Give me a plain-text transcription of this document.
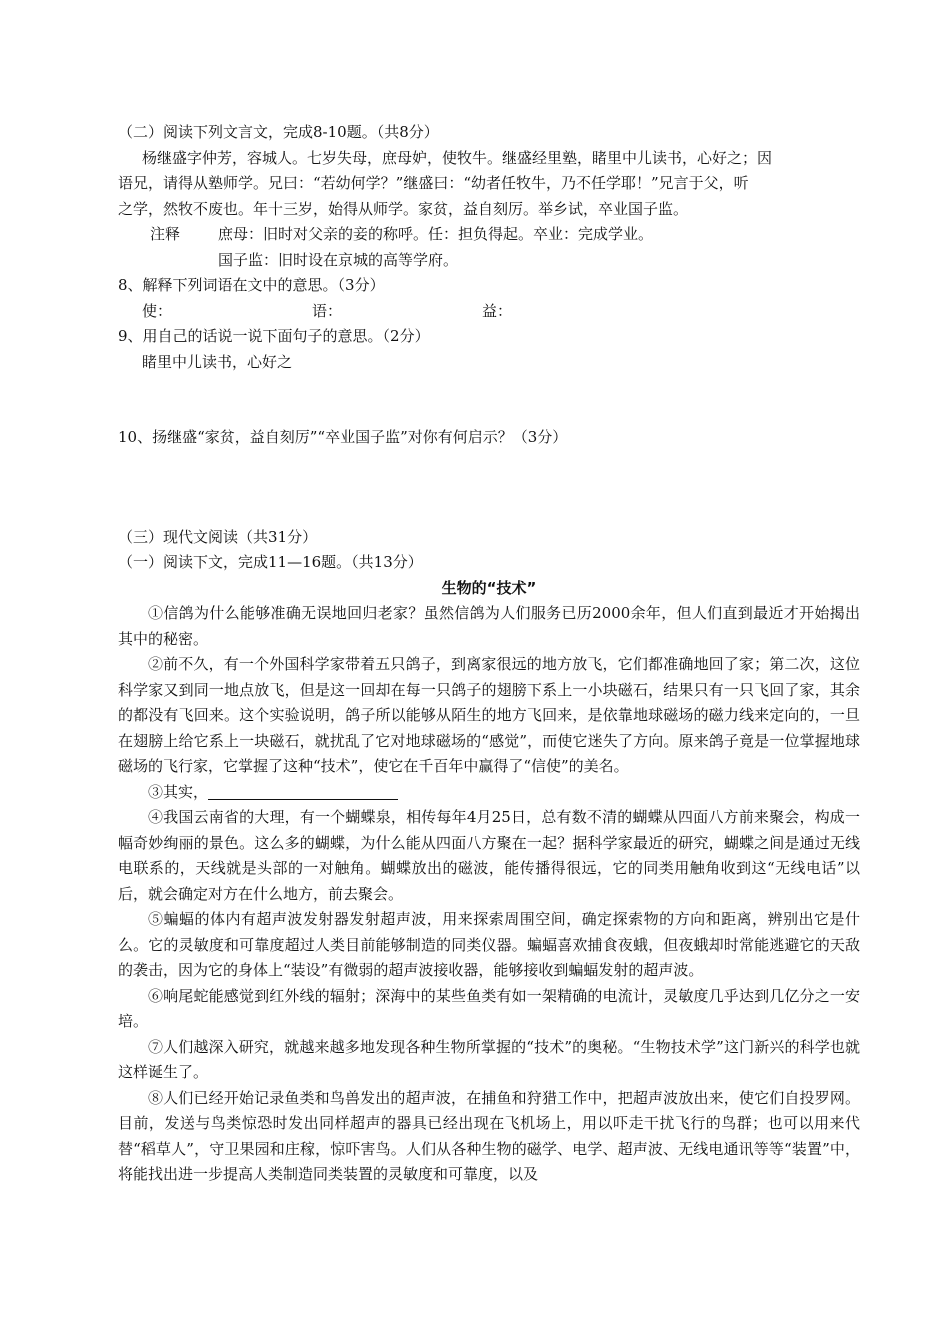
（二）阅读下列文言文，完成8-10题。（共8分）
杨继盛字仲芳，容城人。七岁失母，庶母妒，使牧牛。继盛经里塾，睹里中儿读书，心好之；因
语兄，请得从塾师学。兄曰：“若幼何学？”继盛曰：“幼者任牧牛，乃不任学耶！”兄言于父，听
之学，然牧不废也。年十三岁，始得从师学。家贫，益自刻厉。举乡试，卒业国子监。
注释	庶母：旧时对父亲的妾的称呼。任：担负得起。卒业：完成学业。
国子监：旧时设在京城的高等学府。
8、解释下列词语在文中的意思。（3分）
使：	语：	益：
9、用自己的话说一说下面句子的意思。（2分）
睹里中儿读书，心好之
10、扬继盛“家贫，益自刻厉”“卒业国子监”对你有何启示？（3分）
（三）现代文阅读（共31分）
（一）阅读下文，完成11—16题。（共13分）
生物的“技术”
①信鸽为什么能够准确无误地回归老家？虽然信鸽为人们服务已历2000余年，但人们直到最近才开始揭出其中的秘密。
②前不久，有一个外国科学家带着五只鸽子，到离家很远的地方放飞，它们都准确地回了家；第二次，这位科学家又到同一地点放飞，但是这一回却在每一只鸽子的翅膀下系上一小块磁石，结果只有一只飞回了家，其余的都没有飞回来。这个实验说明，鸽子所以能够从陌生的地方飞回来，是依靠地球磁场的磁力线来定向的，一旦在翅膀上给它系上一块磁石，就扰乱了它对地球磁场的“感觉”，而使它迷失了方向。原来鸽子竟是一位掌握地球磁场的飞行家，它掌握了这种“技术”，使它在千百年中赢得了“信使”的美名。
③其实，
④我国云南省的大理，有一个蝴蝶泉，相传每年4月25日，总有数不清的蝴蝶从四面八方前来聚会，构成一幅奇妙绚丽的景色。这么多的蝴蝶，为什么能从四面八方聚在一起？据科学家最近的研究，蝴蝶之间是通过无线电联系的，天线就是头部的一对触角。蝴蝶放出的磁波，能传播得很远，它的同类用触角收到这“无线电话”以后，就会确定对方在什么地方，前去聚会。
⑤蝙蝠的体内有超声波发射器发射超声波，用来探索周围空间，确定探索物的方向和距离，辨别出它是什么。它的灵敏度和可靠度超过人类目前能够制造的同类仪器。蝙蝠喜欢捕食夜蛾，但夜蛾却时常能逃避它的天敌的袭击，因为它的身体上“装设”有微弱的超声波接收器，能够接收到蝙蝠发射的超声波。
⑥响尾蛇能感觉到红外线的辐射；深海中的某些鱼类有如一架精确的电流计，灵敏度几乎达到几亿分之一安培。
⑦人们越深入研究，就越来越多地发现各种生物所掌握的“技术”的奥秘。“生物技术学”这门新兴的科学也就这样诞生了。
⑧人们已经开始记录鱼类和鸟兽发出的超声波，在捕鱼和狩猎工作中，把超声波放出来，使它们自投罗网。目前，发送与鸟类惊恐时发出同样超声的器具已经出现在飞机场上，用以吓走干扰飞行的鸟群；也可以用来代替“稻草人”，守卫果园和庄稼，惊吓害鸟。人们从各种生物的磁学、电学、超声波、无线电通讯等等“装置”中，将能找出进一步提高人类制造同类装置的灵敏度和可靠度，以及
